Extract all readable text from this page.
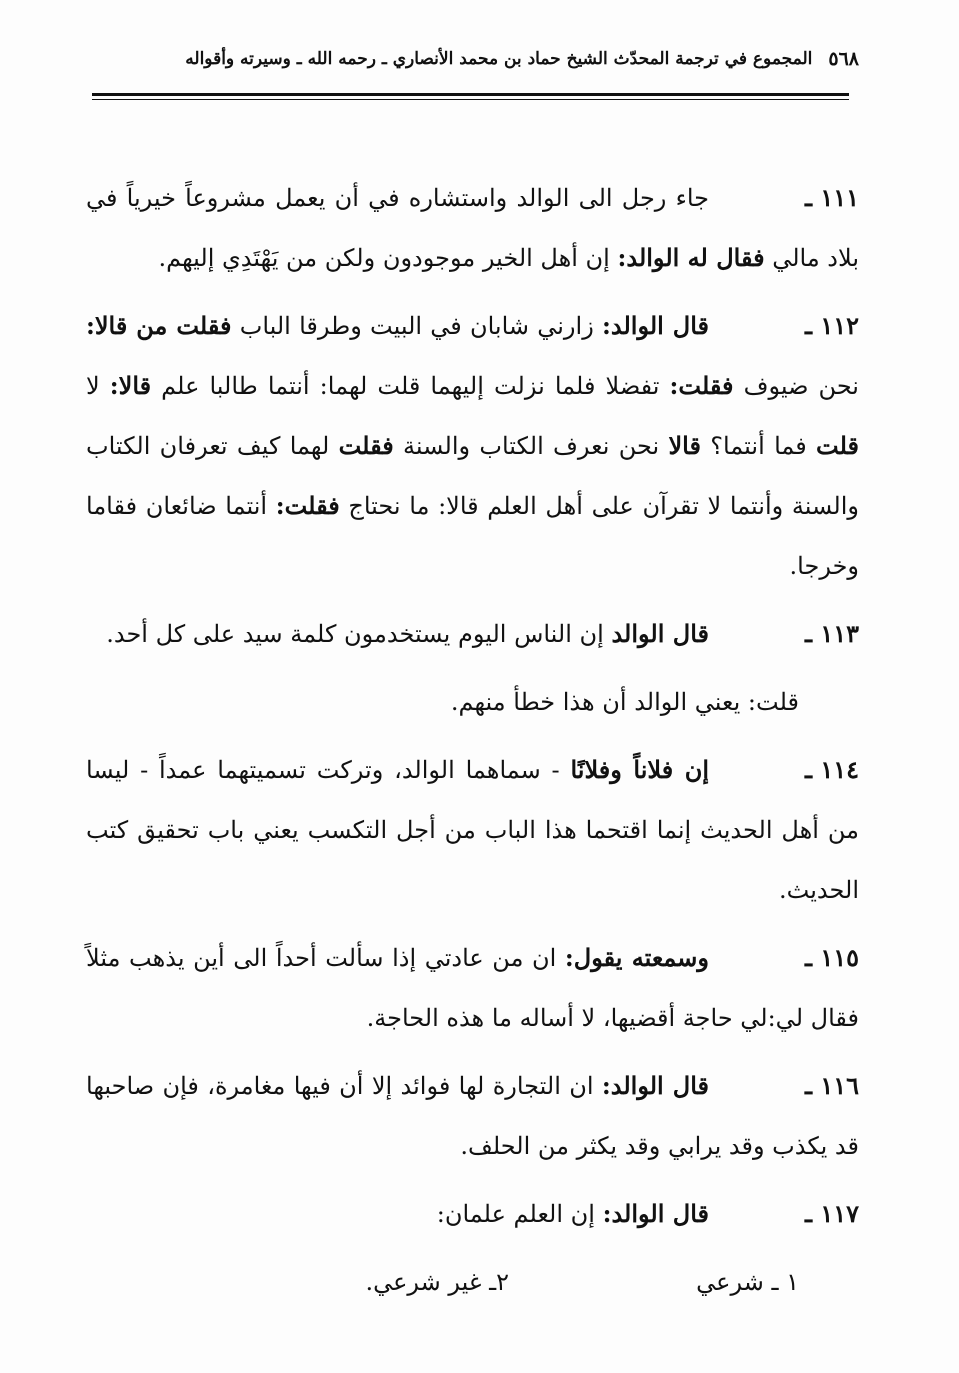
٥٦٨
المجموع في ترجمة المحدّث الشيخ حماد بن محمد الأنصاري ـ رحمه الله ـ وسيرته وأقواله

١١١ ـجاء رجل الى الوالد واستشاره في أن يعمل مشروعاً خيرياً في بلاد مالي فقال له الوالد: إن أهل الخير موجودون ولكن من يَهْتَدِي إليهم.

١١٢ ـقال الوالد: زارني شابان في البيت وطرقا الباب فقلت من قالا: نحن ضيوف فقلت: تفضلا فلما نزلت إليهما قلت لهما: أنتما طالبا علم قالا: لا قلت فما أنتما؟ قالا نحن نعرف الكتاب والسنة فقلت لهما كيف تعرفان الكتاب والسنة وأنتما لا تقرآن على أهل العلم قالا: ما نحتاج فقلت: أنتما ضائعان فقاما وخرجا.

١١٣ ـقال الوالد إن الناس اليوم يستخدمون كلمة سيد على كل أحد.

قلت: يعني الوالد أن هذا خطأ منهم.

١١٤ ـإن فلاناً وفلانًا - سماهما الوالد، وتركت تسميتهما عمداً - ليسا من أهل الحديث إنما اقتحما هذا الباب من أجل التكسب يعني باب تحقيق كتب الحديث.

١١٥ ـوسمعته يقول: ان من عادتي إذا سألت أحداً الى أين يذهب مثلاً فقال لي:لي حاجة أقضيها، لا أساله ما هذه الحاجة.

١١٦ ـقال الوالد: ان التجارة لها فوائد إلا أن فيها مغامرة، فإن صاحبها قد يكذب وقد يرابي وقد يكثر من الحلف.

١١٧ ـقال الوالد: إن العلم علمان:

١ ـ شرعي
٢ـ غير شرعي.
